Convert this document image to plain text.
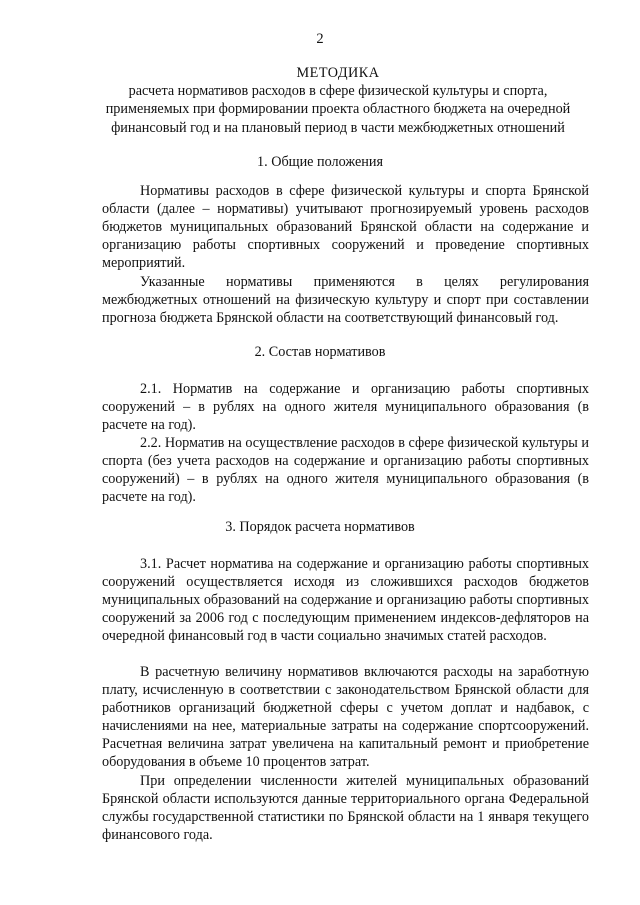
2
МЕТОДИКА
расчета нормативов расходов в сфере физической культуры и спорта,
применяемых при формировании проекта областного бюджета на очередной
финансовый год и на плановый период в части межбюджетных отношений
1. Общие положения
Нормативы расходов в сфере физической культуры и спорта Брянской области (далее – нормативы) учитывают прогнозируемый уровень расходов бюджетов муниципальных образований Брянской области на содержание и организацию работы спортивных сооружений и проведение спортивных мероприятий.
Указанные нормативы применяются в целях регулирования межбюджетных отношений на физическую культуру и спорт при составлении прогноза бюджета Брянской области на соответствующий финансовый год.
2. Состав нормативов
2.1. Норматив на содержание и организацию работы спортивных сооружений – в рублях на одного жителя муниципального образования (в расчете на год).
2.2. Норматив на осуществление расходов в сфере физической культуры и спорта (без учета расходов на содержание и организацию работы спортивных сооружений) – в рублях на одного жителя муниципального образования (в расчете на год).
3. Порядок расчета нормативов
3.1. Расчет норматива на содержание и организацию работы спортивных сооружений осуществляется исходя из сложившихся расходов бюджетов муниципальных образований на содержание и организацию работы спортивных сооружений за 2006 год с последующим применением индексов-дефляторов на очередной финансовый год в части социально значимых статей расходов.
В расчетную величину нормативов включаются расходы на заработную плату, исчисленную в соответствии с законодательством Брянской области для работников организаций бюджетной сферы с учетом доплат и надбавок, с начислениями на нее, материальные затраты на содержание спортсооружений. Расчетная величина затрат увеличена на капитальный ремонт и приобретение оборудования в объеме 10 процентов затрат.
При определении численности жителей муниципальных образований Брянской области используются данные территориального органа Федеральной службы государственной статистики по Брянской области на 1 января текущего финансового года.
